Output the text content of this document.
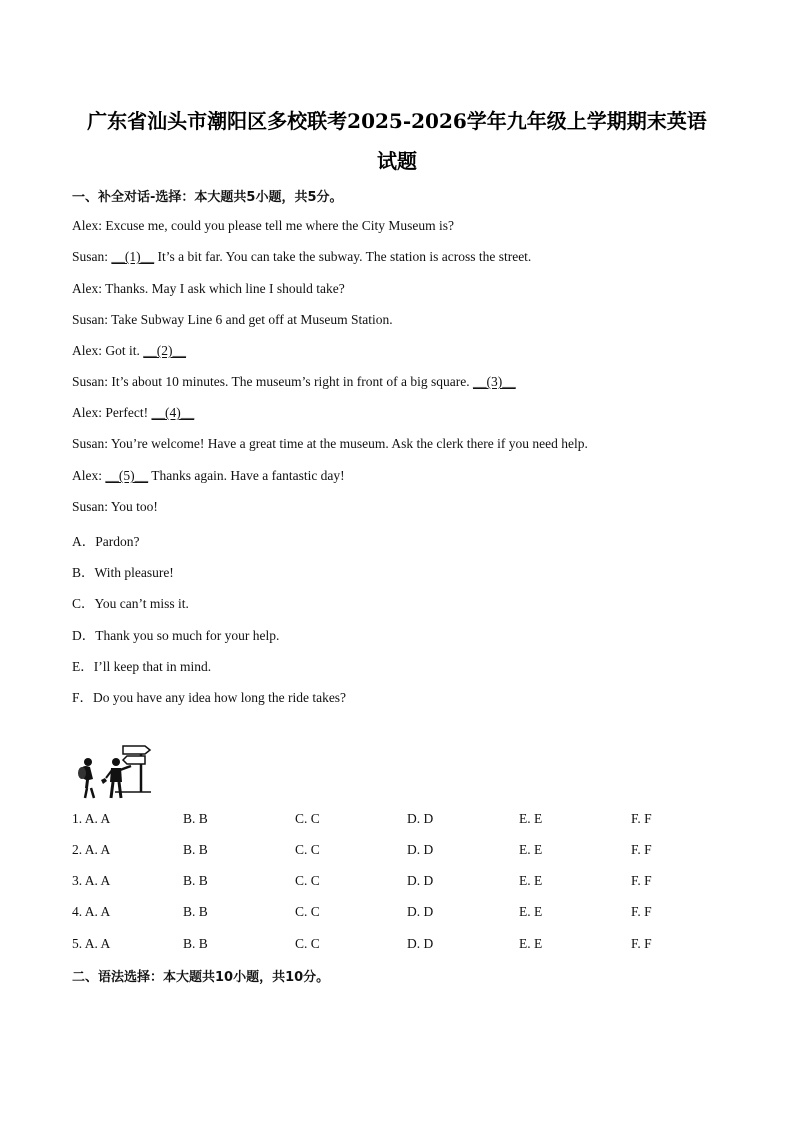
广东省汕头市潮阳区多校联考2025-2026学年九年级上学期期末英语
试题
一、补全对话-选择：本大题共5小题，共5分。
Alex: Excuse me, could you please tell me where the City Museum is?
Susan: __(1)__ It’s a bit far. You can take the subway. The station is across the street.
Alex: Thanks. May I ask which line I should take?
Susan: Take Subway Line 6 and get off at Museum Station.
Alex: Got it. __(2)__
Susan: It’s about 10 minutes. The museum’s right in front of a big square. __(3)__
Alex: Perfect! __(4)__
Susan: You’re welcome! Have a great time at the museum. Ask the clerk there if you need help.
Alex: __(5)__ Thanks again. Have a fantastic day!
Susan: You too!
A．Pardon?
B．With pleasure!
C．You can’t miss it.
D．Thank you so much for your help.
E．I’ll keep that in mind.
F．Do you have any idea how long the ride takes?
1. A. A	B. B	C. C	D. D	E. E	F. F
2. A. A	B. B	C. C	D. D	E. E	F. F
3. A. A	B. B	C. C	D. D	E. E	F. F
4. A. A	B. B	C. C	D. D	E. E	F. F
5. A. A	B. B	C. C	D. D	E. E	F. F
二、语法选择：本大题共10小题，共10分。
